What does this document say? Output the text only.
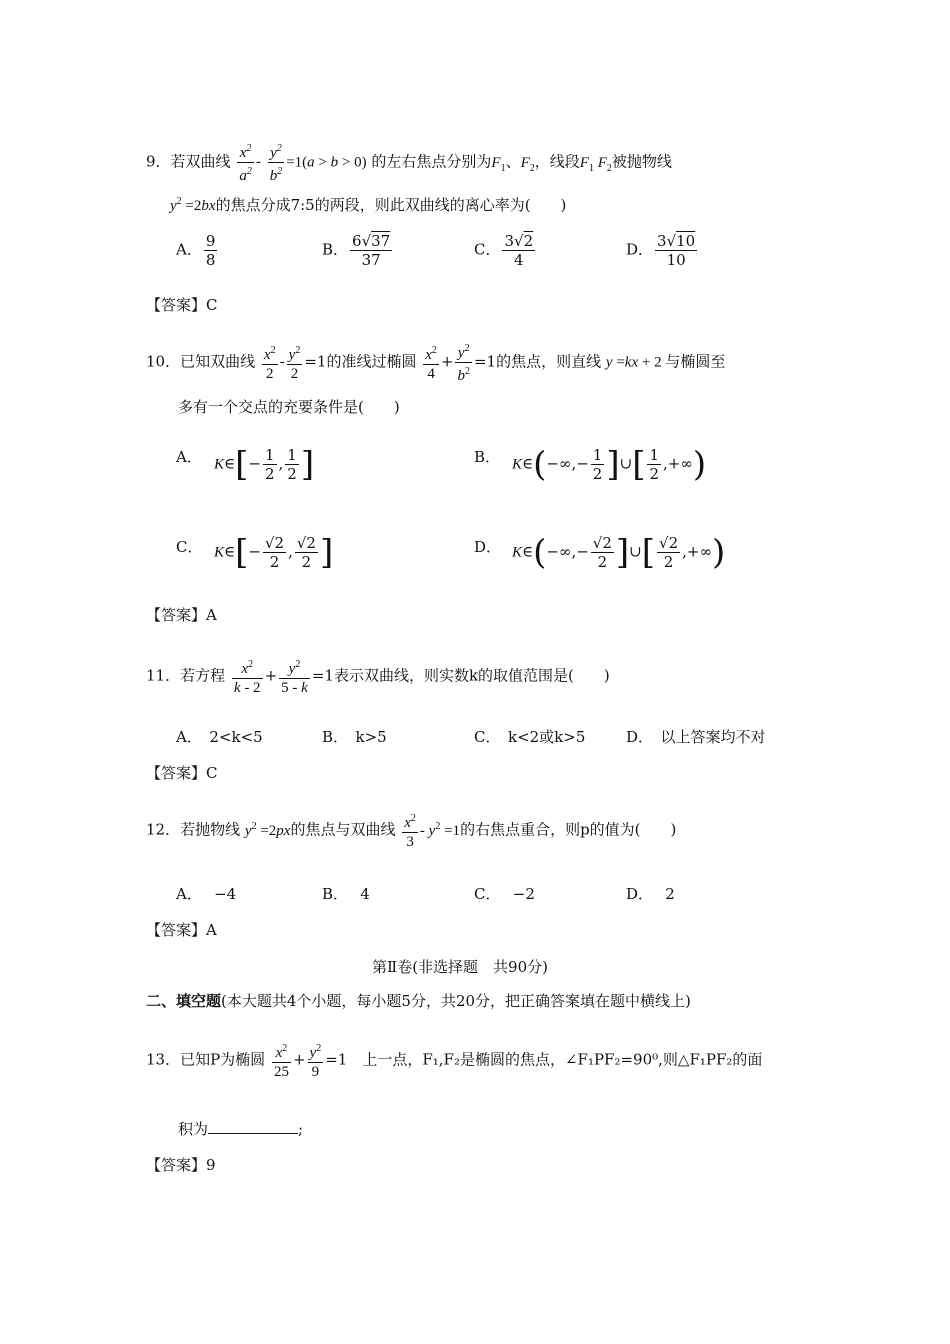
9．若双曲线 $\frac{x^2}{a^2} - \frac{y^2}{b^2} =1(a > b > 0)$ 的左右焦点分别为$F_1$、$F_2$，线段$F_1$ $F_2$被抛物线
$y^2 =2bx$的焦点分成7:5的两段，则此双曲线的离心率为(　　)
A． $\frac{9}{8}$	B． $\frac{6√37}{37}$	C． $\frac{3√2}{4}$	D． $\frac{3√10}{10}$
【答案】C
10．已知双曲线 $\frac{x^2}{2} - \frac{y^2}{2} =1$的准线过椭圆 $\frac{x^2}{4} + \frac{y^2}{b^2} =1$的焦点，则直线 y =kx + 2 与椭圆至
多有一个交点的充要条件是(　　)
A． K∈[− $\frac{1}{2}$ , $\frac{1}{2}$ ]	B． K∈(−∞,− $\frac{1}{2}$ ]∪[ $\frac{1}{2}$ ,+∞)
C． K∈[− $\frac{√2}{2}$ , $\frac{√2}{2}$ ]	D． K∈(−∞,− $\frac{√2}{2}$ ]∪[ $\frac{√2}{2}$ ,+∞)
【答案】A
11．若方程 $\frac{x^2}{k - 2} + \frac{y^2}{5 - k} =1$表示双曲线，则实数k的取值范围是(　　)
A．　2<k<5	B．　k>5	C．　k<2或k>5	D．　以上答案均不对
【答案】C
12．若抛物线 $y^2 =2px$的焦点与双曲线 $\frac{x^2}{3} - y^2 =1$的右焦点重合，则p的值为(　　)
A．　 −4	B．　 4	C．　 −2	D．　 2
【答案】A
第Ⅱ卷(非选择题　共90分)
二、填空题(本大题共4个小题，每小题5分，共20分，把正确答案填在题中横线上)
13．已知P为椭圆 $\frac{x^2}{25} + \frac{y^2}{9} =1$　 上一点，F₁,F₂是椭圆的焦点，∠F₁PF₂=90⁰,则△F₁PF₂的面
积为	;
【答案】9
